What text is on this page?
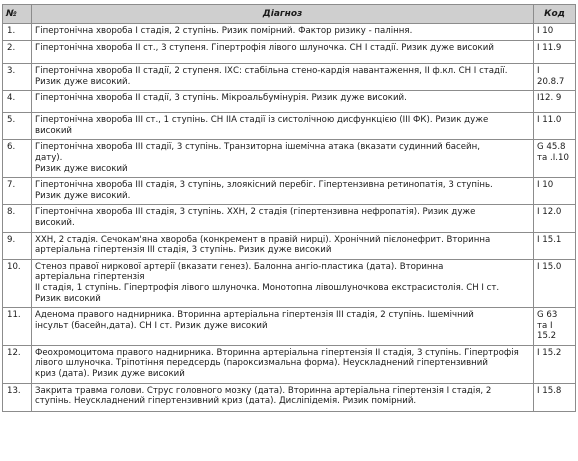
№	Діагноз	Код
1.	Гіпертонічна хвороба І стадія, 2 ступінь. Ризик помірний. Фактор ризику - паління.	І 10
2.	Гіпертонічна хвороба ІІ ст., 3 ступеня. Гіпертрофія лівого шлуночка. СН І стадії. Ризик дуже високий	І 11.9
3.	Гіпертонічна хвороба ІІ стадії, 2 ступеня. ІХС: стабільна стено-кардія навантаження, ІІ ф.кл. СН І стадії.
Ризик дуже високий.	І
20.8.7
4.	Гіпертонічна хвороба ІІ стадії, 3 ступінь. Мікроальбумінурія. Ризик дуже високий.	І12. 9
5.	Гіпертонічна хвороба ІІІ ст., 1 ступінь. СН ІІА стадії із систолічною дисфункцією (ІІІ ФК). Ризик дуже
високий	І 11.0
6.	Гіпертонічна хвороба ІІІ стадії, 3 ступінь. Транзиторна ішемічна атака (вказати судинний басейн,
дату).
Ризик дуже високий	G 45.8
та .І.10
7.	Гіпертонічна хвороба ІІІ стадія, 3 ступінь, злоякісний перебіг. Гіпертензивна ретинопатія, 3 ступінь.
Ризик дуже високий.	І 10
8.	Гіпертонічна хвороба ІІІ стадія, 3 ступінь. ХХН, 2 стадія (гіпертензивна нефропатія). Ризик дуже
високий.	І 12.0
9.	ХХН, 2 стадія. Сечокам'яна хвороба (конкремент в правій нирці). Хронічний пієлонефрит. Вторинна
артеріальна гіпертензія ІІІ стадія, 3 ступінь. Ризик дуже високий	І 15.1
10.	Стеноз правої ниркової артерії (вказати генез). Балонна ангіо-пластика (дата). Вторинна
артеріальна гіпертензія
ІІ стадія, 1 ступінь. Гіпертрофія лівого шлуночка. Монотопна лівошлуночкова екстрасистолія. СН І ст.
Ризик високий	І 15.0
11.	Аденома правого наднирника. Вторинна артеріальна гіпертензія ІІІ стадія, 2 ступінь. Ішемічний
інсульт (басейн,дата). СН І ст. Ризик дуже високий	G 63
та І
15.2
12.	Феохромоцитома правого наднирника. Вторинна артеріальна гіпертензія ІІ стадія, 3 ступінь. Гіпертрофія
лівого шлуночка. Тріпотіння передсердь (пароксизмальна форма). Неускладнений гіпертензивний
криз (дата). Ризик дуже високий	І 15.2
13.	Закрита травма голови. Струс головного мозку (дата). Вторинна артеріальна гіпертензія І стадія, 2
ступінь. Неускладнений гіпертензивний криз (дата). Дисліпідемія. Ризик помірний.	І 15.8
